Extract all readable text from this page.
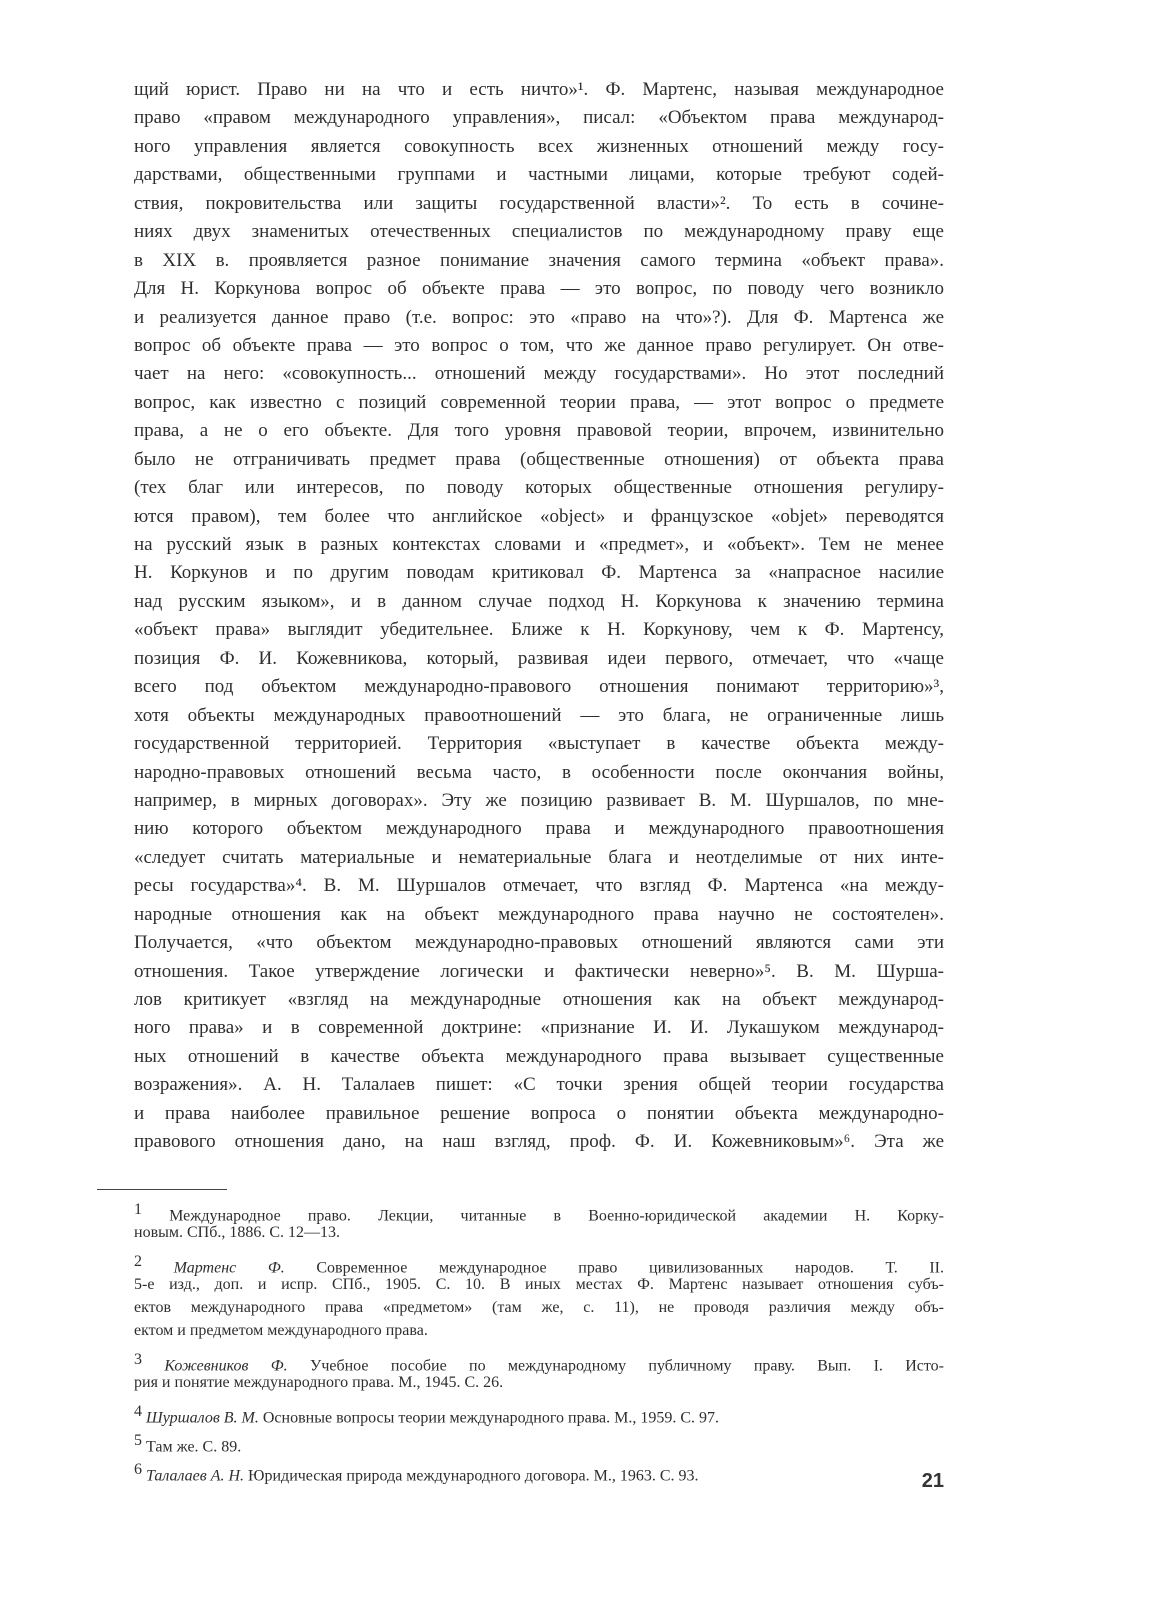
щий юрист. Право ни на что и есть ничто»¹. Ф. Мартенс, называя международное
право «правом международного управления», писал: «Объектом права международ-
ного управления является совокупность всех жизненных отношений между госу-
дарствами, общественными группами и частными лицами, которые требуют содей-
ствия, покровительства или защиты государственной власти»². То есть в сочине-
ниях двух знаменитых отечественных специалистов по международному праву еще
в XIX в. проявляется разное понимание значения самого термина «объект права».
Для Н. Коркунова вопрос об объекте права — это вопрос, по поводу чего возникло
и реализуется данное право (т.е. вопрос: это «право на что»?). Для Ф. Мартенса же
вопрос об объекте права — это вопрос о том, что же данное право регулирует. Он отве-
чает на него: «совокупность... отношений между государствами». Но этот последний
вопрос, как известно с позиций современной теории права, — этот вопрос о предмете
права, а не о его объекте. Для того уровня правовой теории, впрочем, извинительно
было не отграничивать предмет права (общественные отношения) от объекта права
(тех благ или интересов, по поводу которых общественные отношения регулиру-
ются правом), тем более что английское «object» и французское «objet» переводятся
на русский язык в разных контекстах словами и «предмет», и «объект». Тем не менее
Н. Коркунов и по другим поводам критиковал Ф. Мартенса за «напрасное насилие
над русским языком», и в данном случае подход Н. Коркунова к значению термина
«объект права» выглядит убедительнее. Ближе к Н. Коркунову, чем к Ф. Мартенсу,
позиция Ф. И. Кожевникова, который, развивая идеи первого, отмечает, что «чаще
всего под объектом международно-правового отношения понимают территорию»³,
хотя объекты международных правоотношений — это блага, не ограниченные лишь
государственной территорией. Территория «выступает в качестве объекта между-
народно-правовых отношений весьма часто, в особенности после окончания войны,
например, в мирных договорах». Эту же позицию развивает В. М. Шуршалов, по мне-
нию которого объектом международного права и международного правоотношения
«следует считать материальные и нематериальные блага и неотделимые от них инте-
ресы государства»⁴. В. М. Шуршалов отмечает, что взгляд Ф. Мартенса «на между-
народные отношения как на объект международного права научно не состоятелен».
Получается, «что объектом международно-правовых отношений являются сами эти
отношения. Такое утверждение логически и фактически неверно»⁵. В. М. Шурша-
лов критикует «взгляд на международные отношения как на объект международ-
ного права» и в современной доктрине: «признание И. И. Лукашуком международ-
ных отношений в качестве объекта международного права вызывает существенные
возражения». А. Н. Талалаев пишет: «С точки зрения общей теории государства
и права наиболее правильное решение вопроса о понятии объекта международно-
правового отношения дано, на наш взгляд, проф. Ф. И. Кожевниковым»⁶. Эта же
$^1$ Международное право. Лекции, читанные в Военно-юридической академии Н. Корку-
новым. СПб., 1886. С. 12—13.
$^2$ Мартенс Ф. Современное международное право цивилизованных народов. Т. II.
5-е изд., доп. и испр. СПб., 1905. С. 10. В иных местах Ф. Мартенс называет отношения субъ-
ектов международного права «предметом» (там же, с. 11), не проводя различия между объ-
ектом и предметом международного права.
$^3$ Кожевников Ф. Учебное пособие по международному публичному праву. Вып. I. Исто-
рия и понятие международного права. М., 1945. С. 26.
$^4$ Шуршалов В. М. Основные вопросы теории международного права. М., 1959. С. 97.
$^5$ Там же. С. 89.
$^6$ Талалаев А. Н. Юридическая природа международного договора. М., 1963. С. 93.	21
